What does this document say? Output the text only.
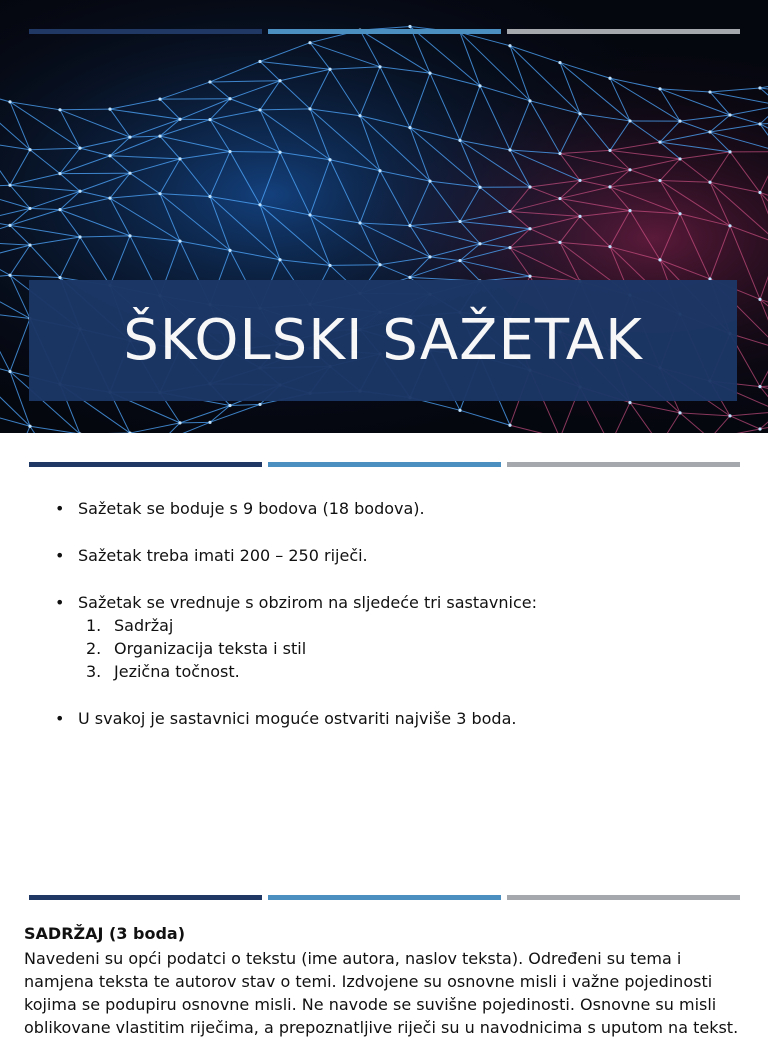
ŠKOLSKI SAŽETAK
• Sažetak se boduje s 9 bodova (18 bodova).
• Sažetak treba imati 200 – 250 riječi.
• Sažetak se vrednuje s obzirom na sljedeće tri sastavnice:
1. Sadržaj
2. Organizacija teksta i stil
3. Jezična točnost.
• U svakoj je sastavnici moguće ostvariti najviše 3 boda.
SADRŽAJ (3 boda)
Navedeni su opći podatci o tekstu (ime autora, naslov teksta). Određeni su tema i namjena teksta te autorov stav o temi. Izdvojene su osnovne misli i važne pojedinosti kojima se podupiru osnovne misli. Ne navode se suvišne pojedinosti. Osnovne su misli oblikovane vlastitim riječima, a prepoznatljive riječi su u navodnicima s uputom na tekst.
